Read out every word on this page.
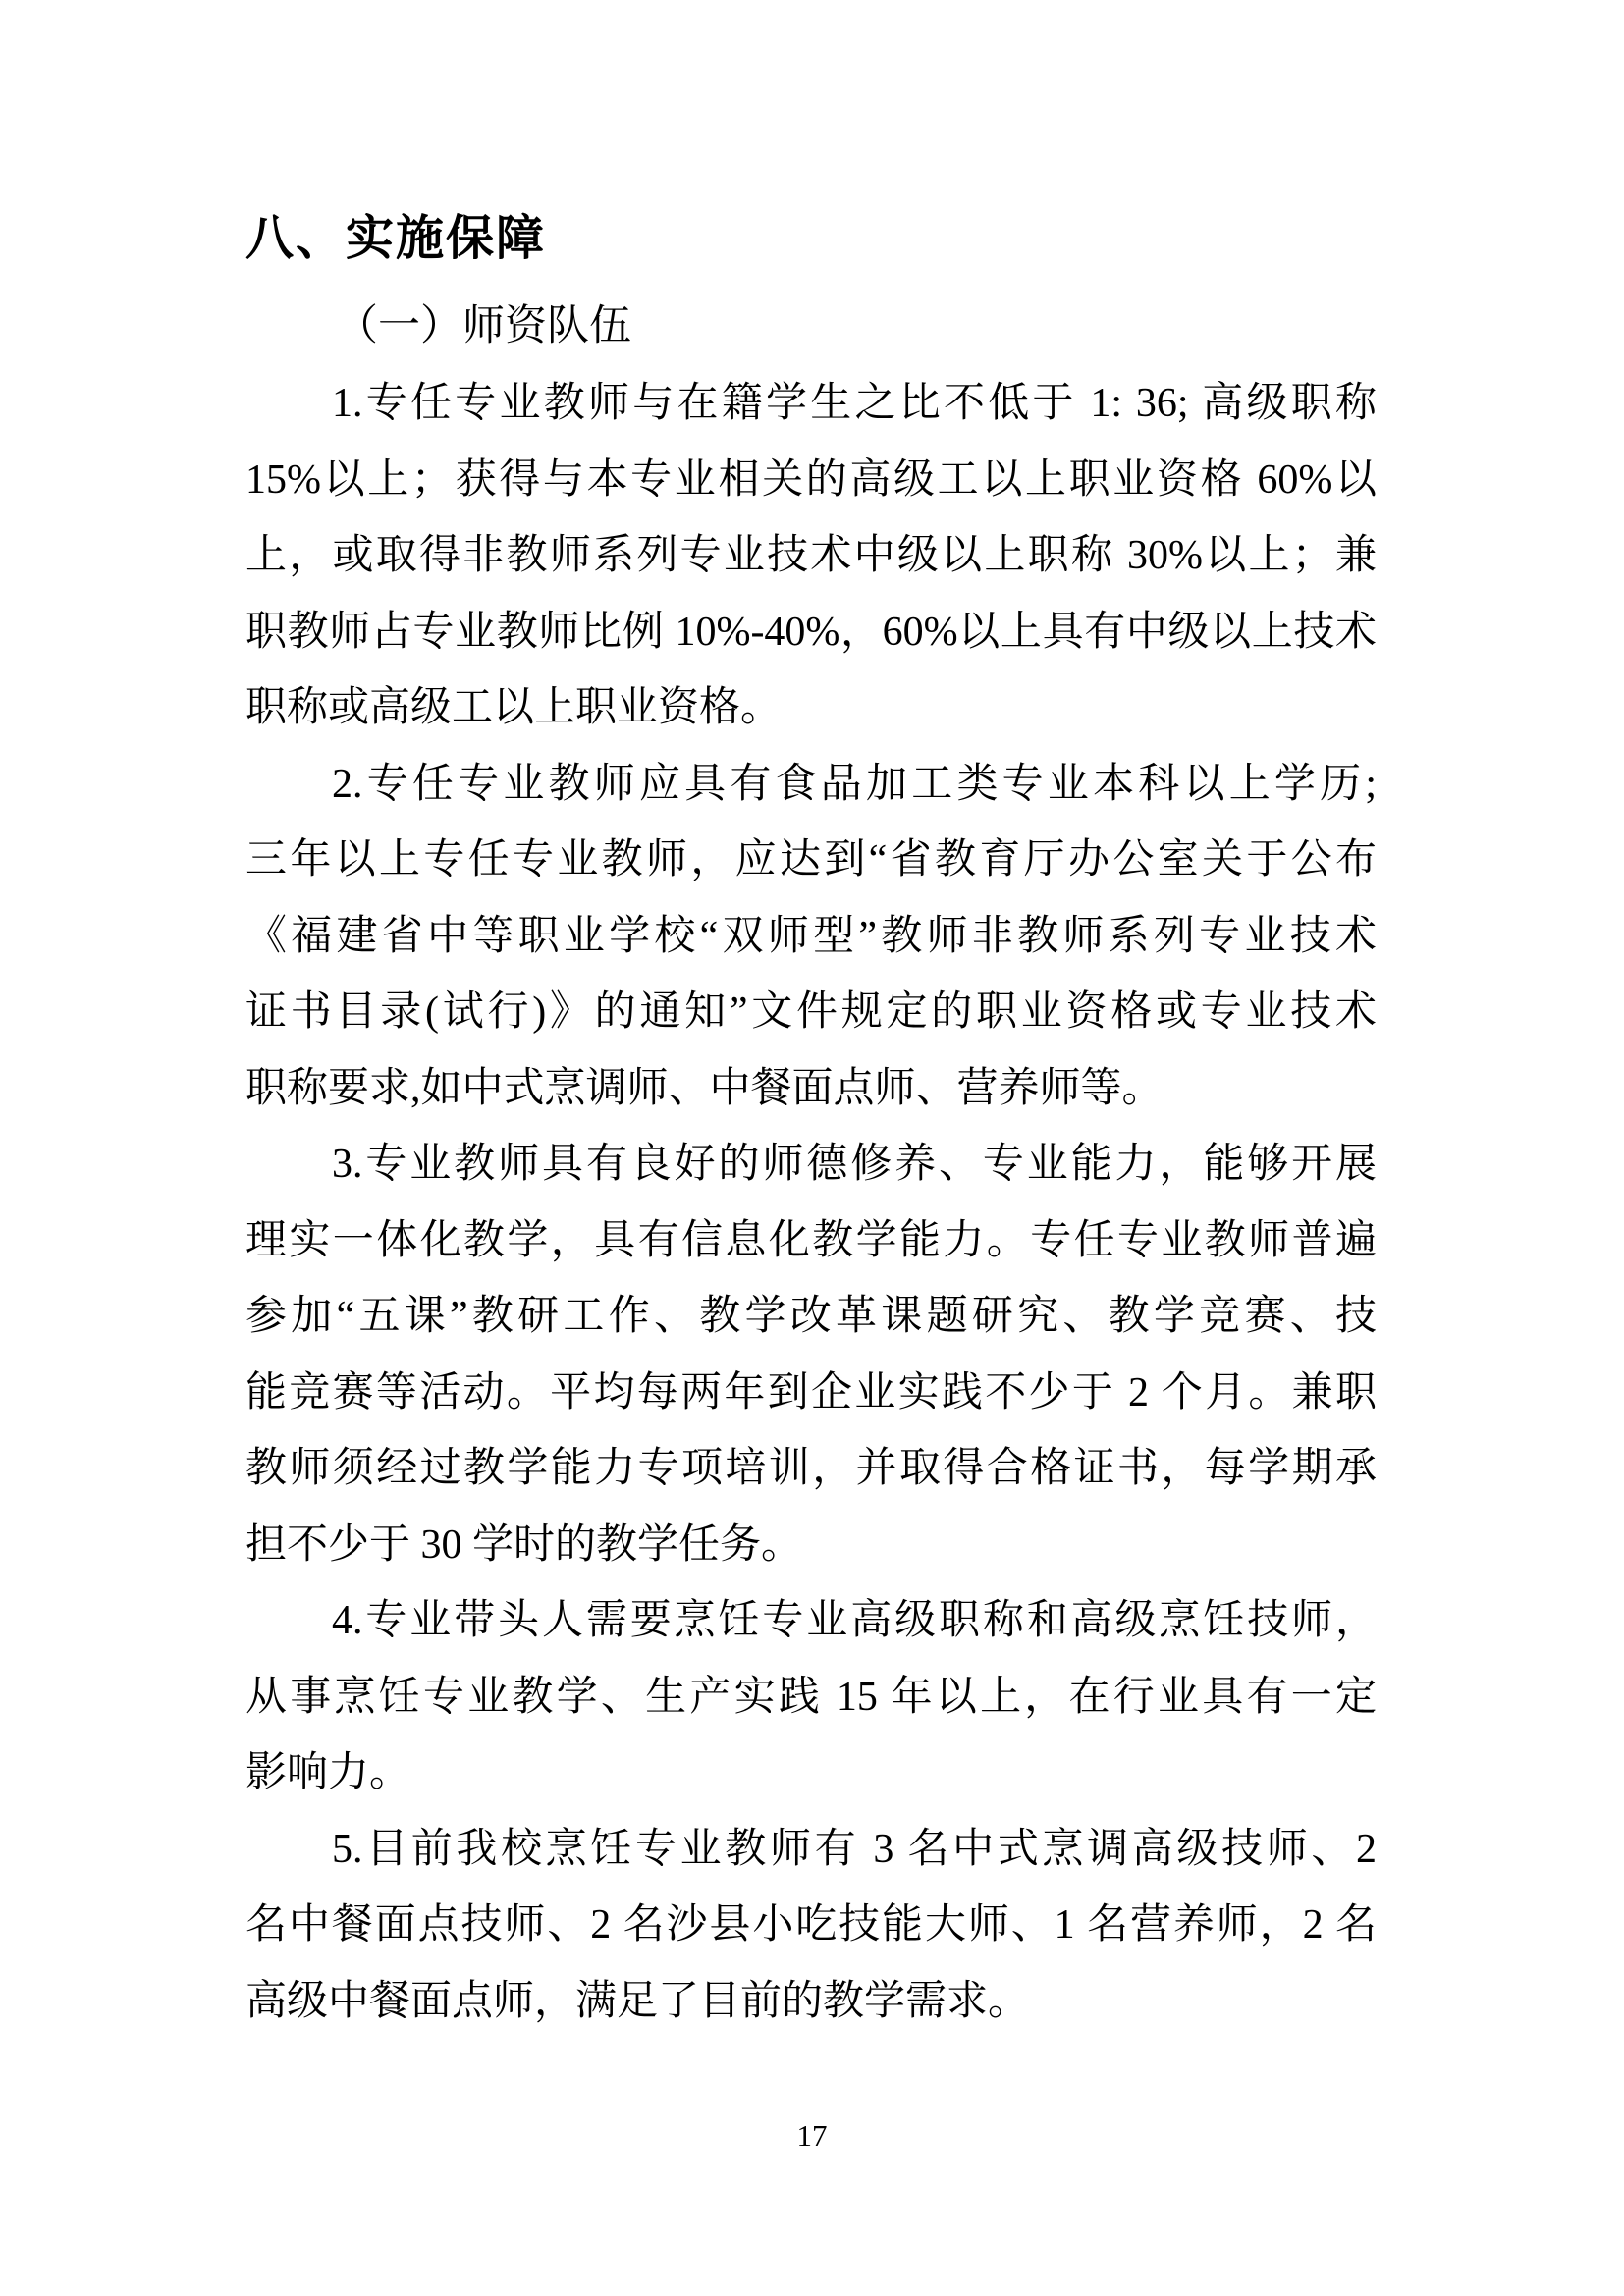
八、实施保障
（一）师资队伍
1.专任专业教师与在籍学生之比不低于 1: 36; 高级职称
15%以上；获得与本专业相关的高级工以上职业资格 60%以
上，或取得非教师系列专业技术中级以上职称 30%以上；兼
职教师占专业教师比例 10%-40%，60%以上具有中级以上技术
职称或高级工以上职业资格。
2.专任专业教师应具有食品加工类专业本科以上学历;
三年以上专任专业教师，应达到“省教育厅办公室关于公布
《福建省中等职业学校“双师型”教师非教师系列专业技术
证书目录(试行)》的通知”文件规定的职业资格或专业技术
职称要求,如中式烹调师、中餐面点师、营养师等。
3.专业教师具有良好的师德修养、专业能力，能够开展
理实一体化教学，具有信息化教学能力。专任专业教师普遍
参加“五课”教研工作、教学改革课题研究、教学竞赛、技
能竞赛等活动。平均每两年到企业实践不少于 2 个月。兼职
教师须经过教学能力专项培训，并取得合格证书，每学期承
担不少于 30 学时的教学任务。
4.专业带头人需要烹饪专业高级职称和高级烹饪技师，
从事烹饪专业教学、生产实践 15 年以上，在行业具有一定
影响力。
5.目前我校烹饪专业教师有 3 名中式烹调高级技师、2
名中餐面点技师、2 名沙县小吃技能大师、1 名营养师，2 名
高级中餐面点师，满足了目前的教学需求。
17
